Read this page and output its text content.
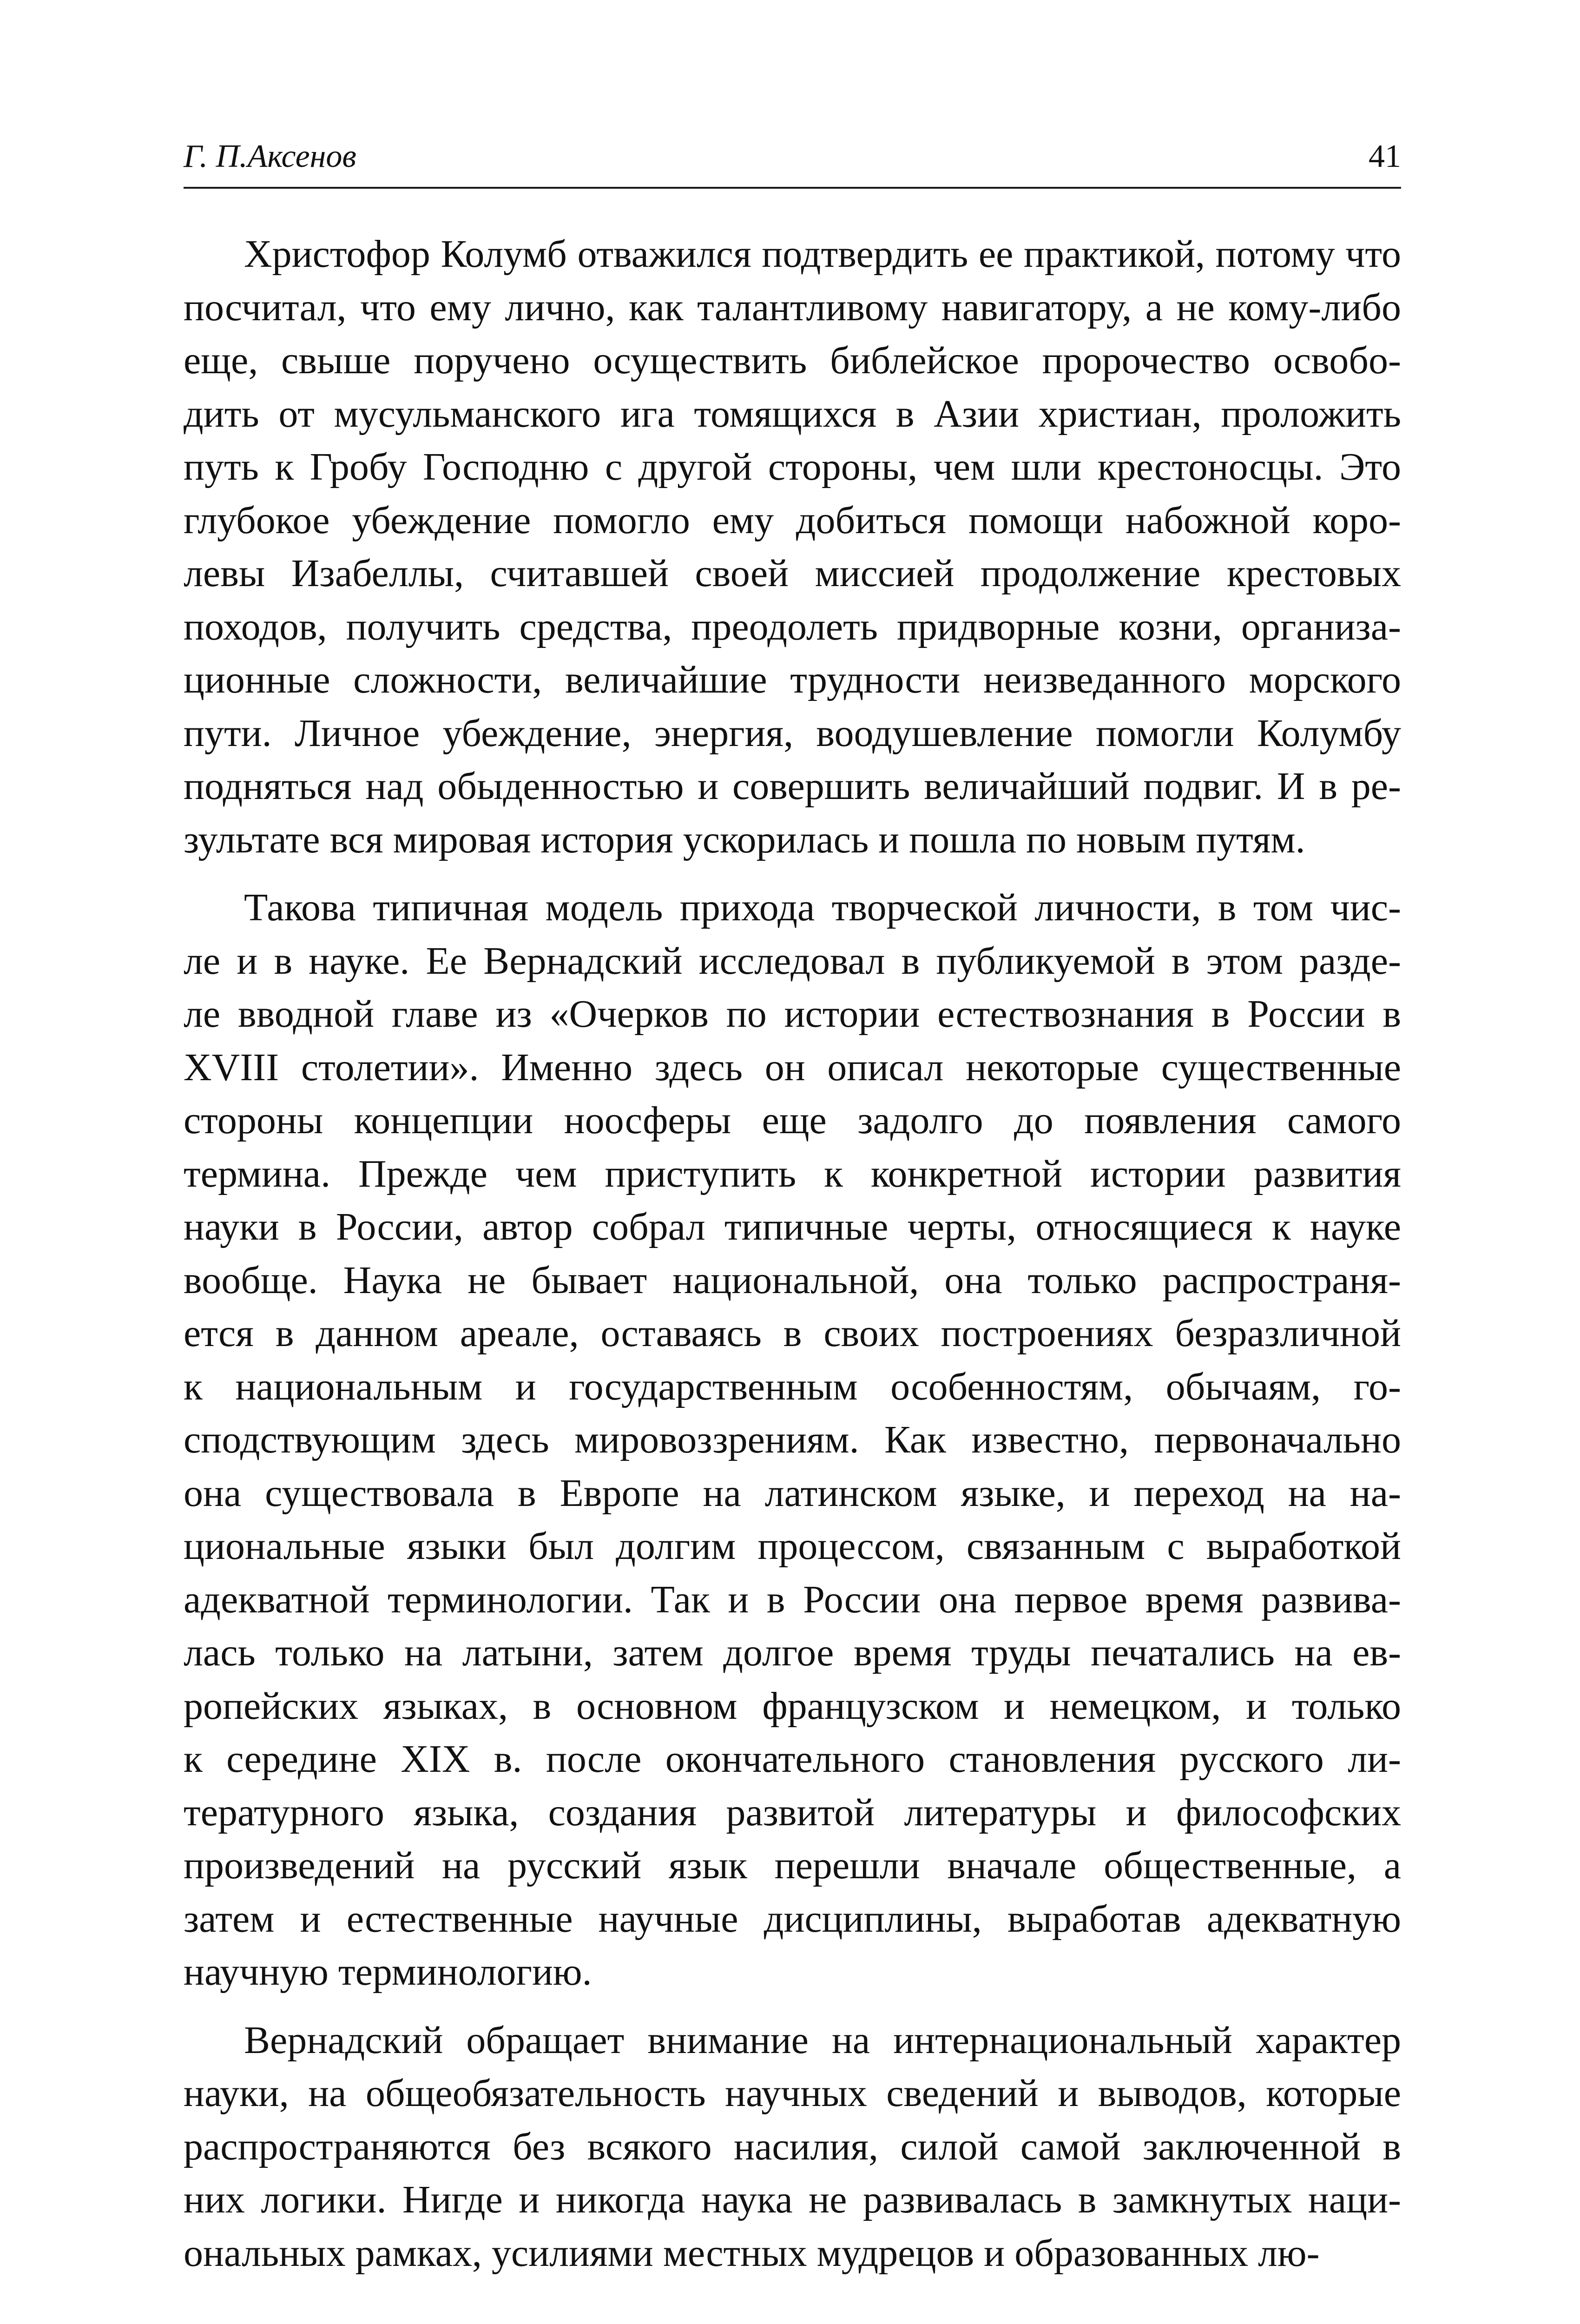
Г. П.Аксенов	41

Христофор Колумб отважился подтвердить ее практикой, потому что
посчитал, что ему лично, как талантливому навигатору, а не кому-либо
еще, свыше поручено осуществить библейское пророчество освобо-
дить от мусульманского ига томящихся в Азии христиан, проложить
путь к Гробу Господню с другой стороны, чем шли крестоносцы. Это
глубокое убеждение помогло ему добиться помощи набожной коро-
левы Изабеллы, считавшей своей миссией продолжение крестовых
походов, получить средства, преодолеть придворные козни, организа-
ционные сложности, величайшие трудности неизведанного морского
пути. Личное убеждение, энергия, воодушевление помогли Колумбу
подняться над обыденностью и совершить величайший подвиг. И в ре-
зультате вся мировая история ускорилась и пошла по новым путям.

Такова типичная модель прихода творческой личности, в том чис-
ле и в науке. Ее Вернадский исследовал в публикуемой в этом разде-
ле вводной главе из «Очерков по истории естествознания в России в
XVIII столетии». Именно здесь он описал некоторые существенные
стороны концепции ноосферы еще задолго до появления самого
термина. Прежде чем приступить к конкретной истории развития
науки в России, автор собрал типичные черты, относящиеся к науке
вообще. Наука не бывает национальной, она только распространя-
ется в данном ареале, оставаясь в своих построениях безразличной
к национальным и государственным особенностям, обычаям, го-
сподствующим здесь мировоззрениям. Как известно, первоначально
она существовала в Европе на латинском языке, и переход на на-
циональные языки был долгим процессом, связанным с выработкой
адекватной терминологии. Так и в России она первое время развива-
лась только на латыни, затем долгое время труды печатались на ев-
ропейских языках, в основном французском и немецком, и только
к середине XIX в. после окончательного становления русского ли-
тературного языка, создания развитой литературы и философских
произведений на русский язык перешли вначале общественные, а
затем и естественные научные дисциплины, выработав адекватную
научную терминологию.

Вернадский обращает внимание на интернациональный характер
науки, на общеобязательность научных сведений и выводов, которые
распространяются без всякого насилия, силой самой заключенной в
них логики. Нигде и никогда наука не развивалась в замкнутых наци-
ональных рамках, усилиями местных мудрецов и образованных лю-
